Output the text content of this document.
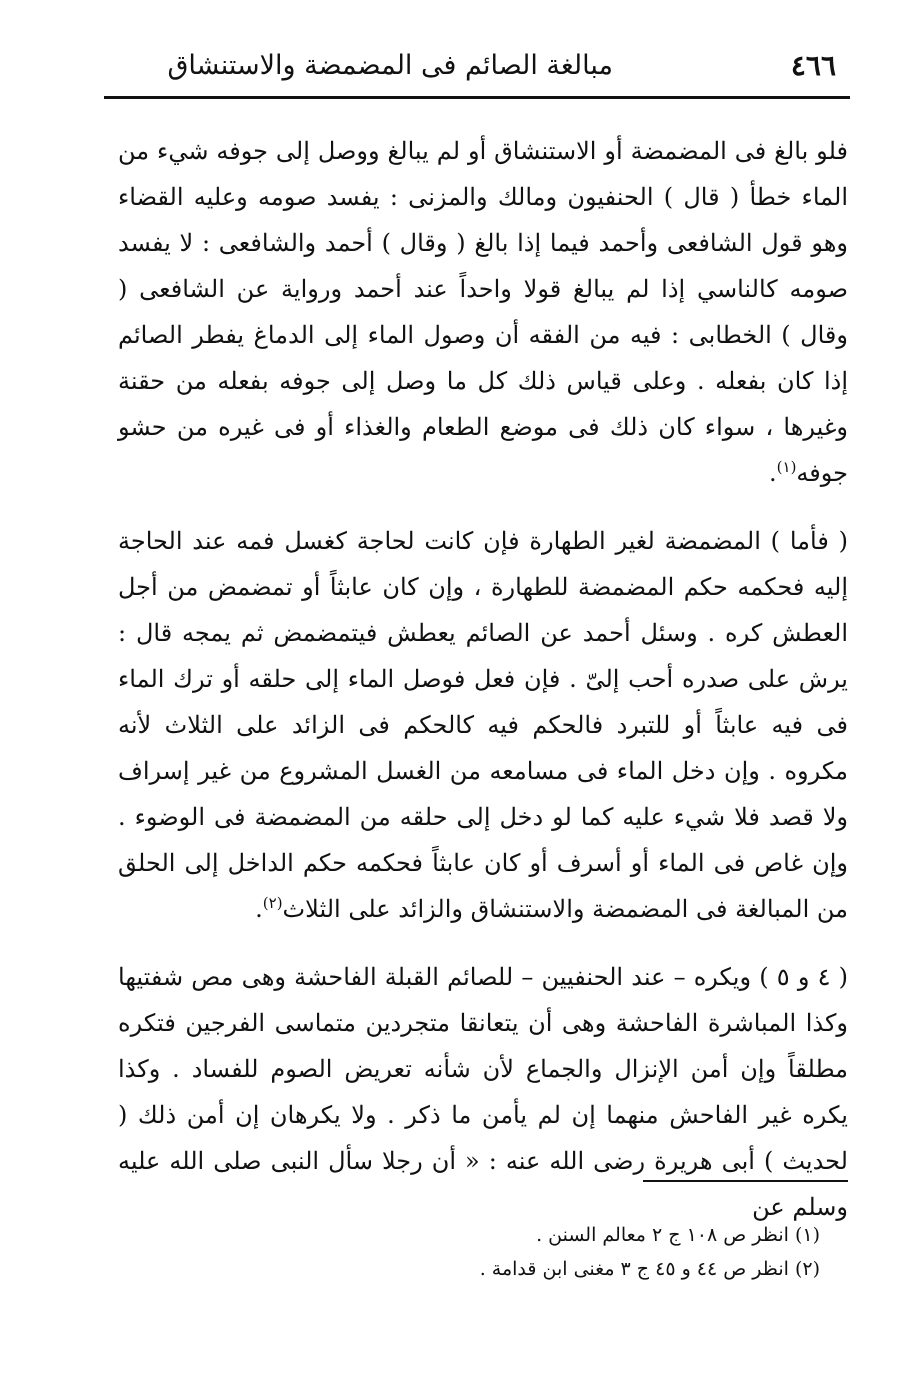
٤٦٦
مبالغة الصائم فى المضمضة والاستنشاق

فلو بالغ فى المضمضة أو الاستنشاق أو لم يبالغ ووصل إلى جوفه شيء من الماء خطأ ( قال ) الحنفيون ومالك والمزنى : يفسد صومه وعليه القضاء وهو قول الشافعى وأحمد فيما إذا بالغ ( وقال ) أحمد والشافعى : لا يفسد صومه كالناسي إذا لم يبالغ قولا واحداً عند أحمد ورواية عن الشافعى ( وقال ) الخطابى : فيه من الفقه أن وصول الماء إلى الدماغ يفطر الصائم إذا كان بفعله . وعلى قياس ذلك كل ما وصل إلى جوفه بفعله من حقنة وغيرها ، سواء كان ذلك فى موضع الطعام والغذاء أو فى غيره من حشو جوفه$^{(١)}$.

( فأما ) المضمضة لغير الطهارة فإن كانت لحاجة كغسل فمه عند الحاجة إليه فحكمه حكم المضمضة للطهارة ، وإن كان عابثاً أو تمضمض من أجل العطش كره . وسئل أحمد عن الصائم يعطش فيتمضمض ثم يمجه قال : يرش على صدره أحب إلىّ . فإن فعل فوصل الماء إلى حلقه أو ترك الماء فى فيه عابثاً أو للتبرد فالحكم فيه كالحكم فى الزائد على الثلاث لأنه مكروه . وإن دخل الماء فى مسامعه من الغسل المشروع من غير إسراف ولا قصد فلا شيء عليه كما لو دخل إلى حلقه من المضمضة فى الوضوء . وإن غاص فى الماء أو أسرف أو كان عابثاً فحكمه حكم الداخل إلى الحلق من المبالغة فى المضمضة والاستنشاق والزائد على الثلاث$^{(٢)}$.

( ٤ و ٥ ) ويكره – عند الحنفيين – للصائم القبلة الفاحشة وهى مص شفتيها وكذا المباشرة الفاحشة وهى أن يتعانقا متجردين متماسى الفرجين فتكره مطلقاً وإن أمن الإنزال والجماع لأن شأنه تعريض الصوم للفساد . وكذا يكره غير الفاحش منهما إن لم يأمن ما ذكر . ولا يكرهان إن أمن ذلك ( لحديث ) أبى هريرة رضى الله عنه : « أن رجلا سأل النبى صلى الله عليه وسلم عن

(١) انظر ص ١٠٨ ج ٢ معالم السنن .
(٢) انظر ص ٤٤ و ٤٥ ج ٣ مغنى ابن قدامة .
